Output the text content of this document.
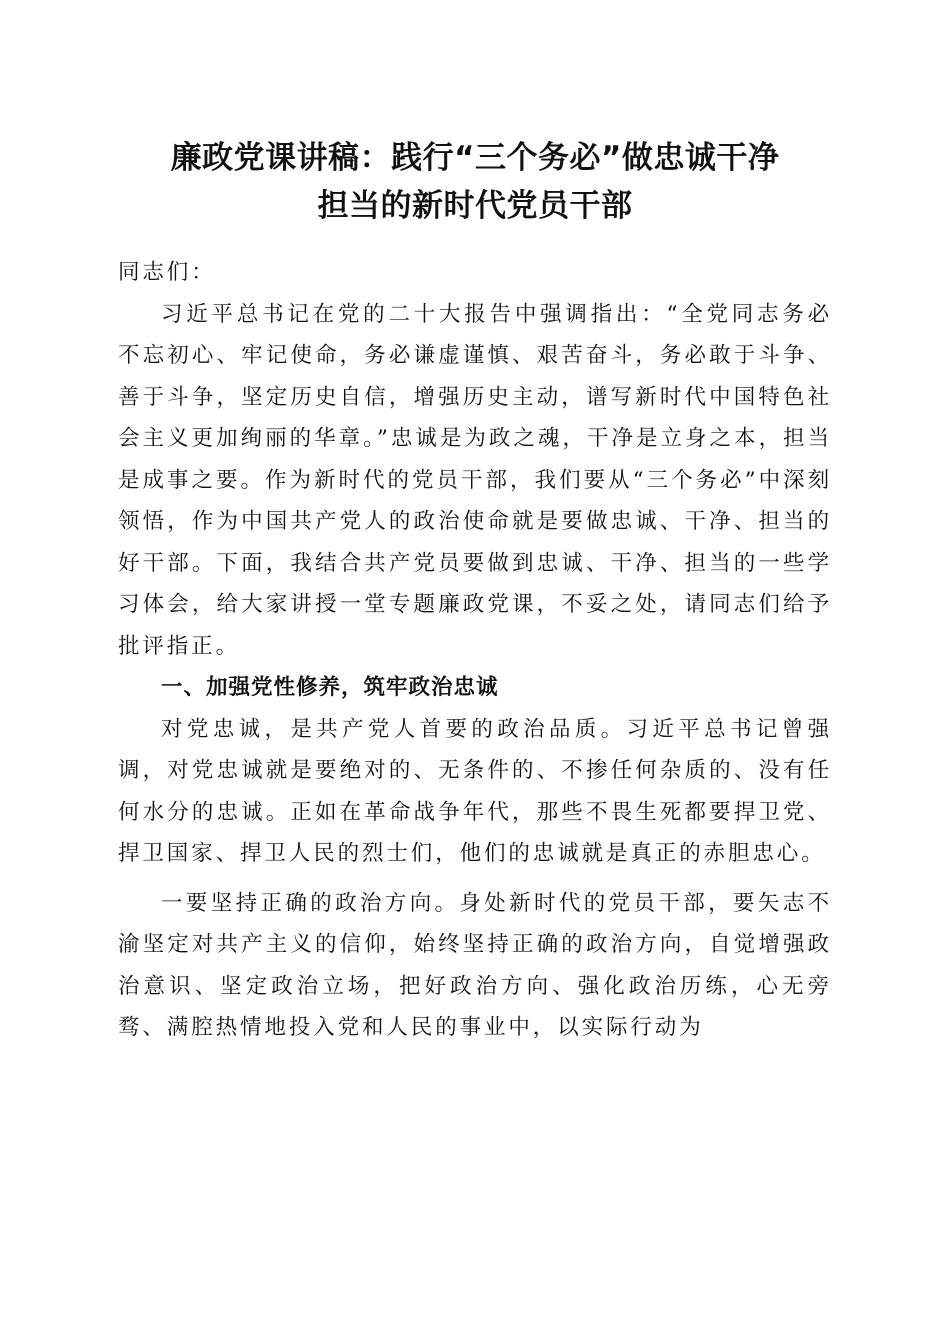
廉政党课讲稿：践行“三个务必”做忠诚干净
担当的新时代党员干部

同志们：

习近平总书记在党的二十大报告中强调指出：“全党同志务必不忘初心、牢记使命，务必谦虚谨慎、艰苦奋斗，务必敢于斗争、善于斗争，坚定历史自信，增强历史主动，谱写新时代中国特色社会主义更加绚丽的华章。”忠诚是为政之魂，干净是立身之本，担当是成事之要。作为新时代的党员干部，我们要从“三个务必”中深刻领悟，作为中国共产党人的政治使命就是要做忠诚、干净、担当的好干部。下面，我结合共产党员要做到忠诚、干净、担当的一些学习体会，给大家讲授一堂专题廉政党课，不妥之处，请同志们给予批评指正。

一、加强党性修养，筑牢政治忠诚

对党忠诚，是共产党人首要的政治品质。习近平总书记曾强调，对党忠诚就是要绝对的、无条件的、不掺任何杂质的、没有任何水分的忠诚。正如在革命战争年代，那些不畏生死都要捍卫党、捍卫国家、捍卫人民的烈士们，他们的忠诚就是真正的赤胆忠心。

一要坚持正确的政治方向。身处新时代的党员干部，要矢志不渝坚定对共产主义的信仰，始终坚持正确的政治方向，自觉增强政治意识、坚定政治立场，把好政治方向、强化政治历练，心无旁骛、满腔热情地投入党和人民的事业中，以实际行动为
